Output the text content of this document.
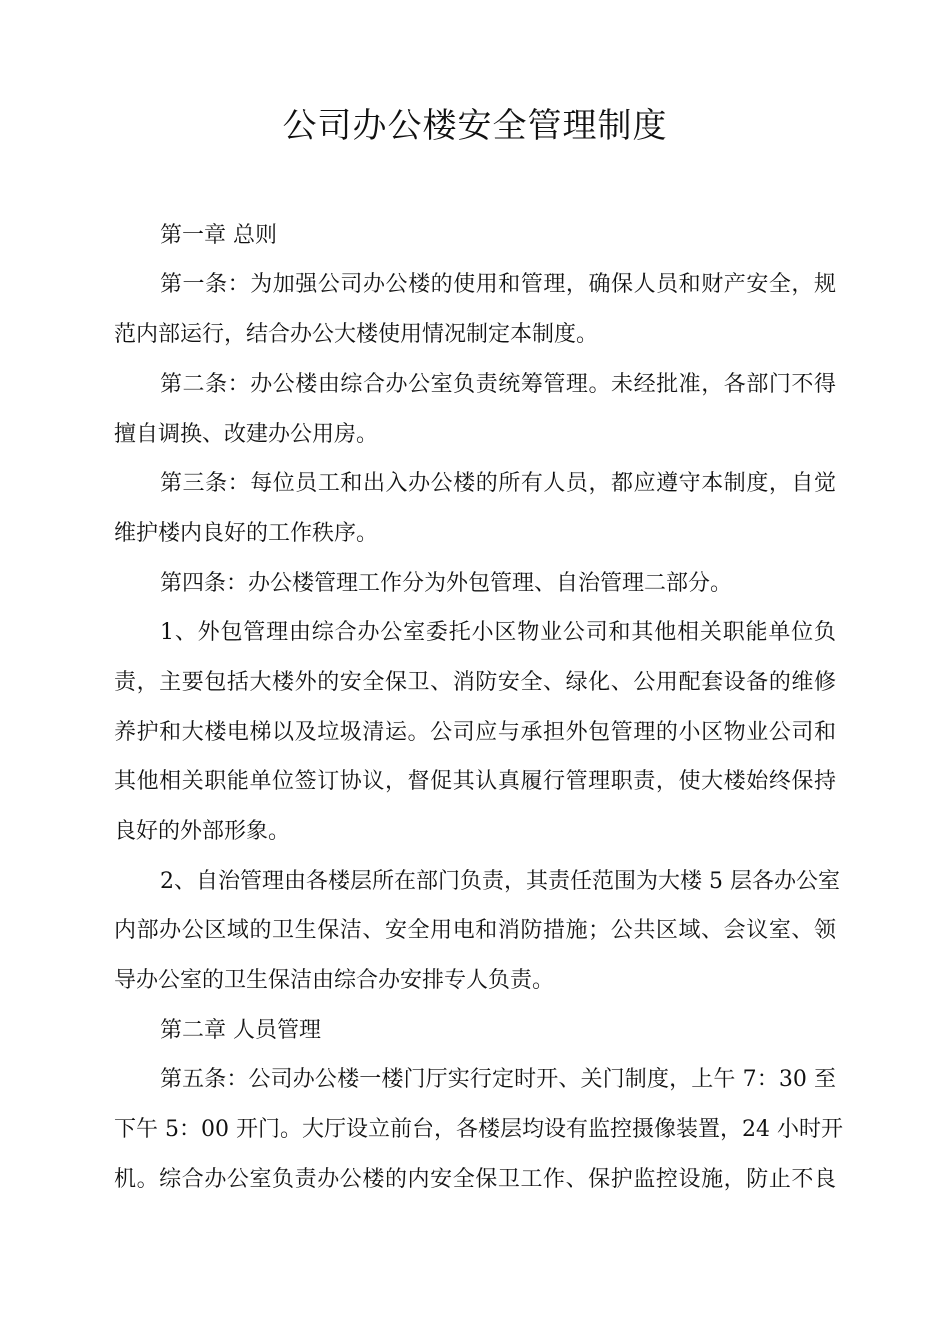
公司办公楼安全管理制度
第一章 总则
第一条：为加强公司办公楼的使用和管理，确保人员和财产安全，规
范内部运行，结合办公大楼使用情况制定本制度。
第二条：办公楼由综合办公室负责统筹管理。未经批准，各部门不得
擅自调换、改建办公用房。
第三条：每位员工和出入办公楼的所有人员，都应遵守本制度，自觉
维护楼内良好的工作秩序。
第四条：办公楼管理工作分为外包管理、自治管理二部分。
1、外包管理由综合办公室委托小区物业公司和其他相关职能单位负
责，主要包括大楼外的安全保卫、消防安全、绿化、公用配套设备的维修
养护和大楼电梯以及垃圾清运。公司应与承担外包管理的小区物业公司和
其他相关职能单位签订协议，督促其认真履行管理职责，使大楼始终保持
良好的外部形象。
2、自治管理由各楼层所在部门负责，其责任范围为大楼 5 层各办公室
内部办公区域的卫生保洁、安全用电和消防措施；公共区域、会议室、领
导办公室的卫生保洁由综合办安排专人负责。
第二章 人员管理
第五条：公司办公楼一楼门厅实行定时开、关门制度，上午 7：30 至
下午 5：00 开门。大厅设立前台，各楼层均设有监控摄像装置，24 小时开
机。综合办公室负责办公楼的内安全保卫工作、保护监控设施，防止不良
